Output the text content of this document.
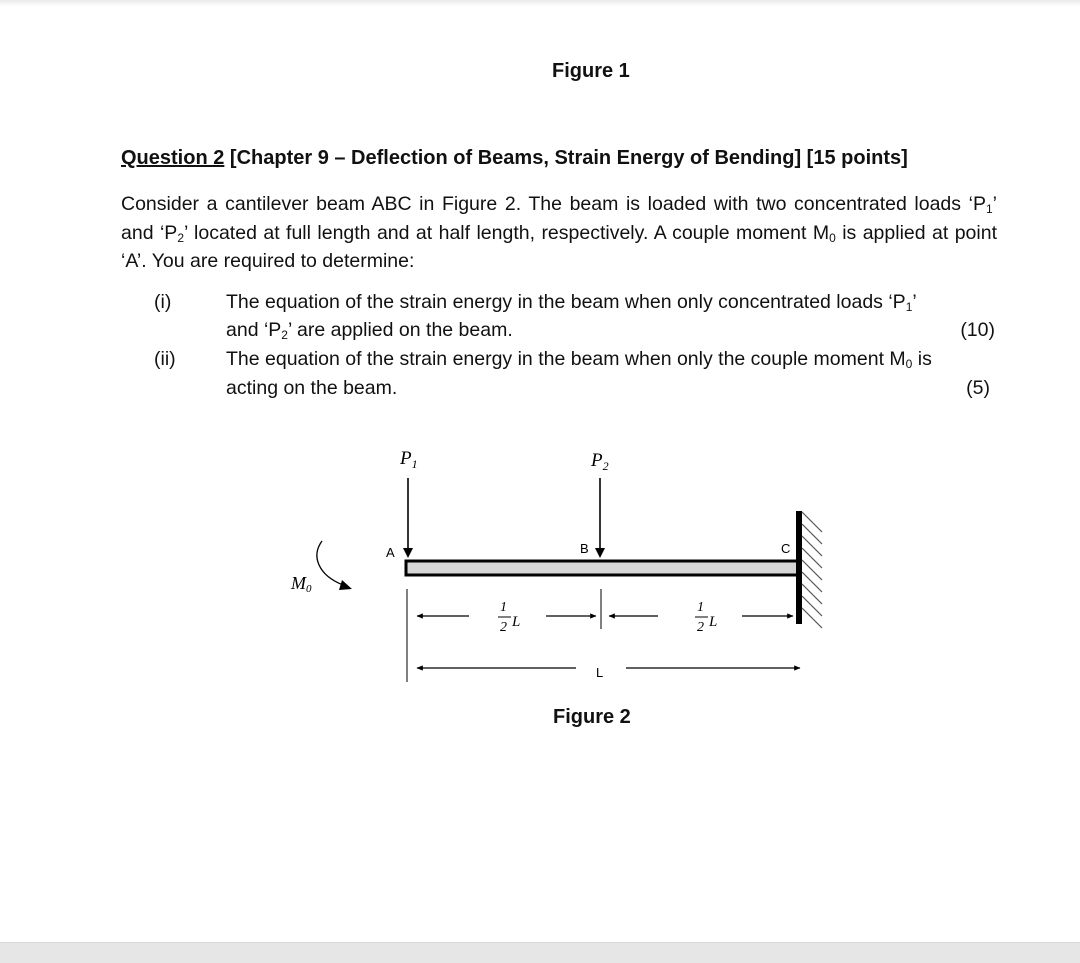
Figure 1
Question 2 [Chapter 9 – Deflection of Beams, Strain Energy of Bending] [15 points]
Consider a cantilever beam ABC in Figure 2. The beam is loaded with two concentrated loads ‘$P_1$’ and ‘$P_2$’ located at full length and at half length, respectively. A couple moment $M_0$ is applied at point ‘A’. You are required to determine:
(i)	The equation of the strain energy in the beam when only concentrated loads ‘$P_1$’
and ‘$P_2$’ are applied on the beam.	(10)
(ii)	The equation of the strain energy in the beam when only the couple moment $M_0$ is
acting on the beam.	(5)
$P_1$	$P_2$
A	B	C
M0
1
2 L
1
2 L
L
Figure 2
